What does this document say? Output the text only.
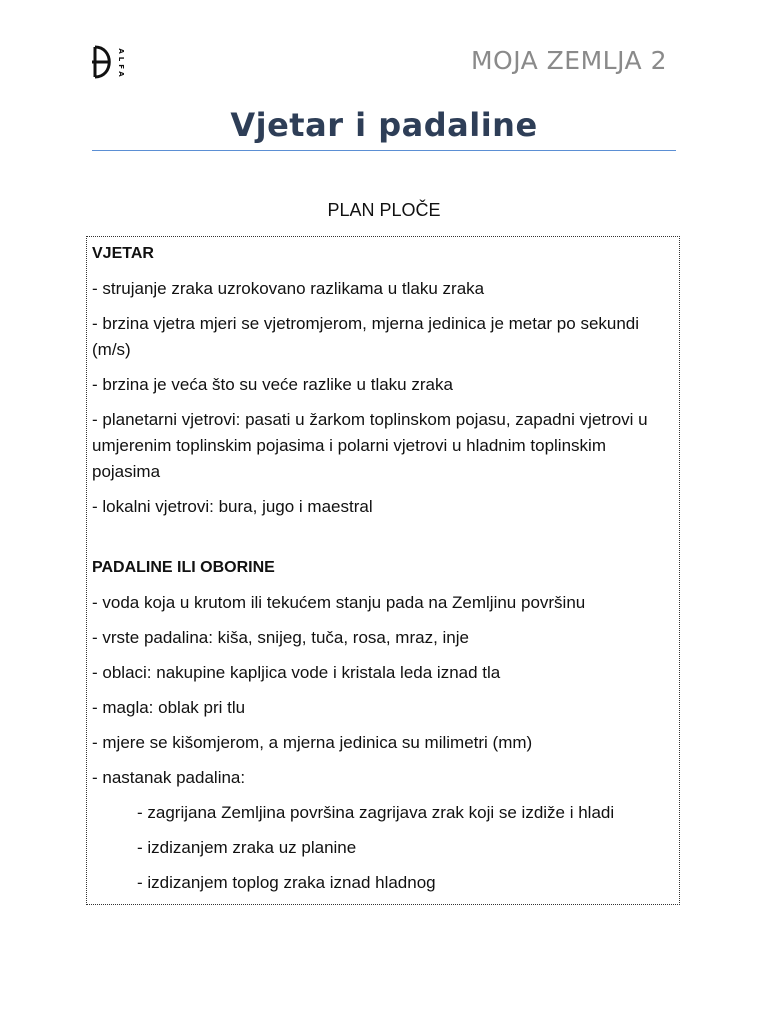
ALFA	MOJA ZEMLJA 2
Vjetar i padaline
PLAN PLOČE
VJETAR
- strujanje zraka uzrokovano razlikama u tlaku zraka
- brzina vjetra mjeri se vjetromjerom, mjerna jedinica je metar po sekundi (m/s)
- brzina je veća što su veće razlike u tlaku zraka
- planetarni vjetrovi: pasati u žarkom toplinskom pojasu, zapadni vjetrovi u umjerenim toplinskim pojasima i polarni vjetrovi u hladnim toplinskim pojasima
- lokalni vjetrovi: bura, jugo i maestral
PADALINE ILI OBORINE
- voda koja u krutom ili tekućem stanju pada na Zemljinu površinu
- vrste padalina: kiša, snijeg, tuča, rosa, mraz, inje
- oblaci: nakupine kapljica vode i kristala leda iznad tla
- magla: oblak pri tlu
- mjere se kišomjerom, a mjerna jedinica su milimetri (mm)
- nastanak padalina:
- zagrijana Zemljina površina zagrijava zrak koji se izdiže i hladi
- izdizanjem zraka uz planine
- izdizanjem toplog zraka iznad hladnog
